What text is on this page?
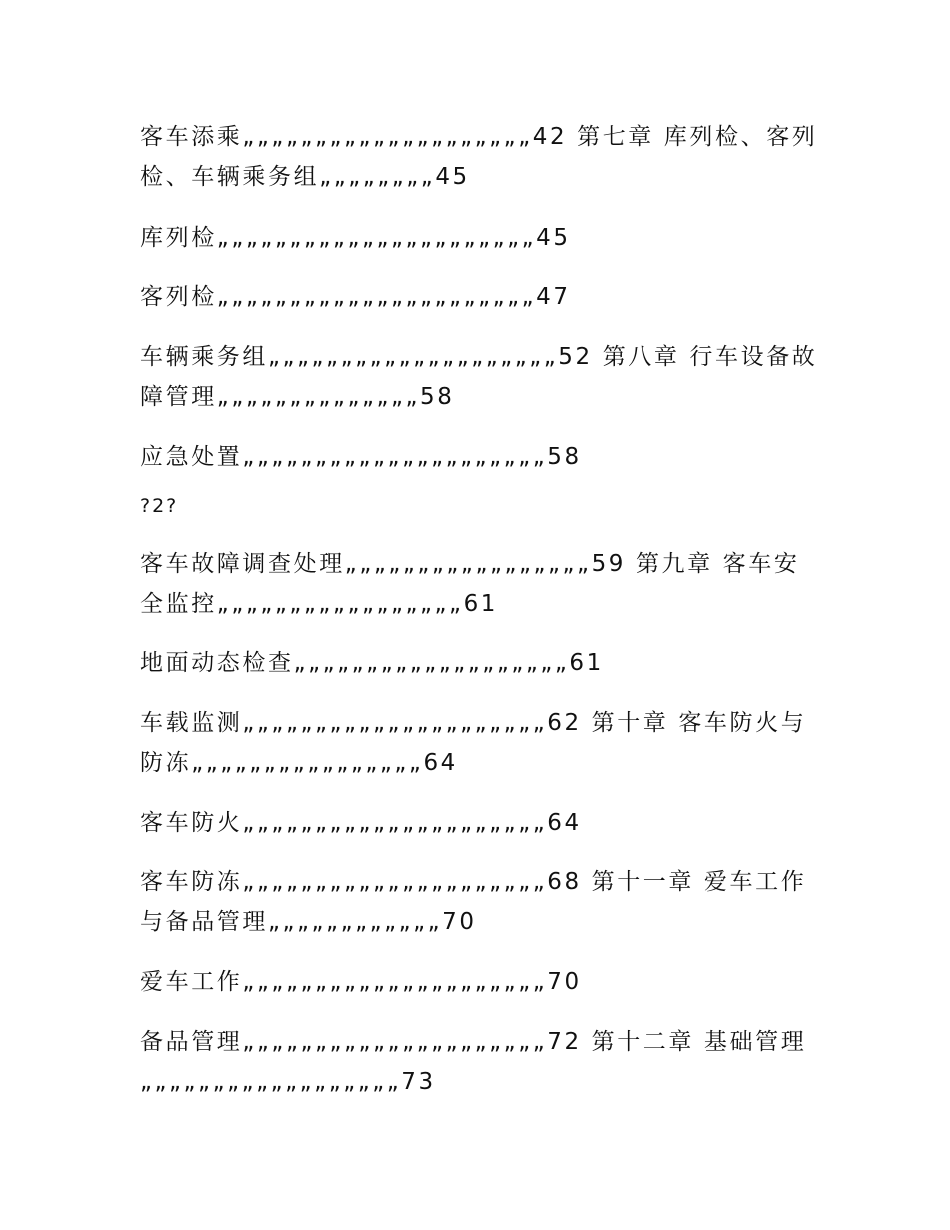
客车添乘„„„„„„„„„„„„„„„„„„„„42 第七章 库列检、客列检、车辆乘务组„„„„„„„„45
库列检„„„„„„„„„„„„„„„„„„„„„„45
客列检„„„„„„„„„„„„„„„„„„„„„„47
车辆乘务组„„„„„„„„„„„„„„„„„„„„52 第八章 行车设备故障管理„„„„„„„„„„„„„„58
应急处置„„„„„„„„„„„„„„„„„„„„„58
?2?
客车故障调查处理„„„„„„„„„„„„„„„„„59 第九章 客车安全监控„„„„„„„„„„„„„„„„„61
地面动态检查„„„„„„„„„„„„„„„„„„„61
车载监测„„„„„„„„„„„„„„„„„„„„„62 第十章 客车防火与防冻„„„„„„„„„„„„„„„„64
客车防火„„„„„„„„„„„„„„„„„„„„„64
客车防冻„„„„„„„„„„„„„„„„„„„„„68 第十一章 爱车工作与备品管理„„„„„„„„„„„„70
爱车工作„„„„„„„„„„„„„„„„„„„„„70
备品管理„„„„„„„„„„„„„„„„„„„„„72 第十二章 基础管理„„„„„„„„„„„„„„„„„„73
